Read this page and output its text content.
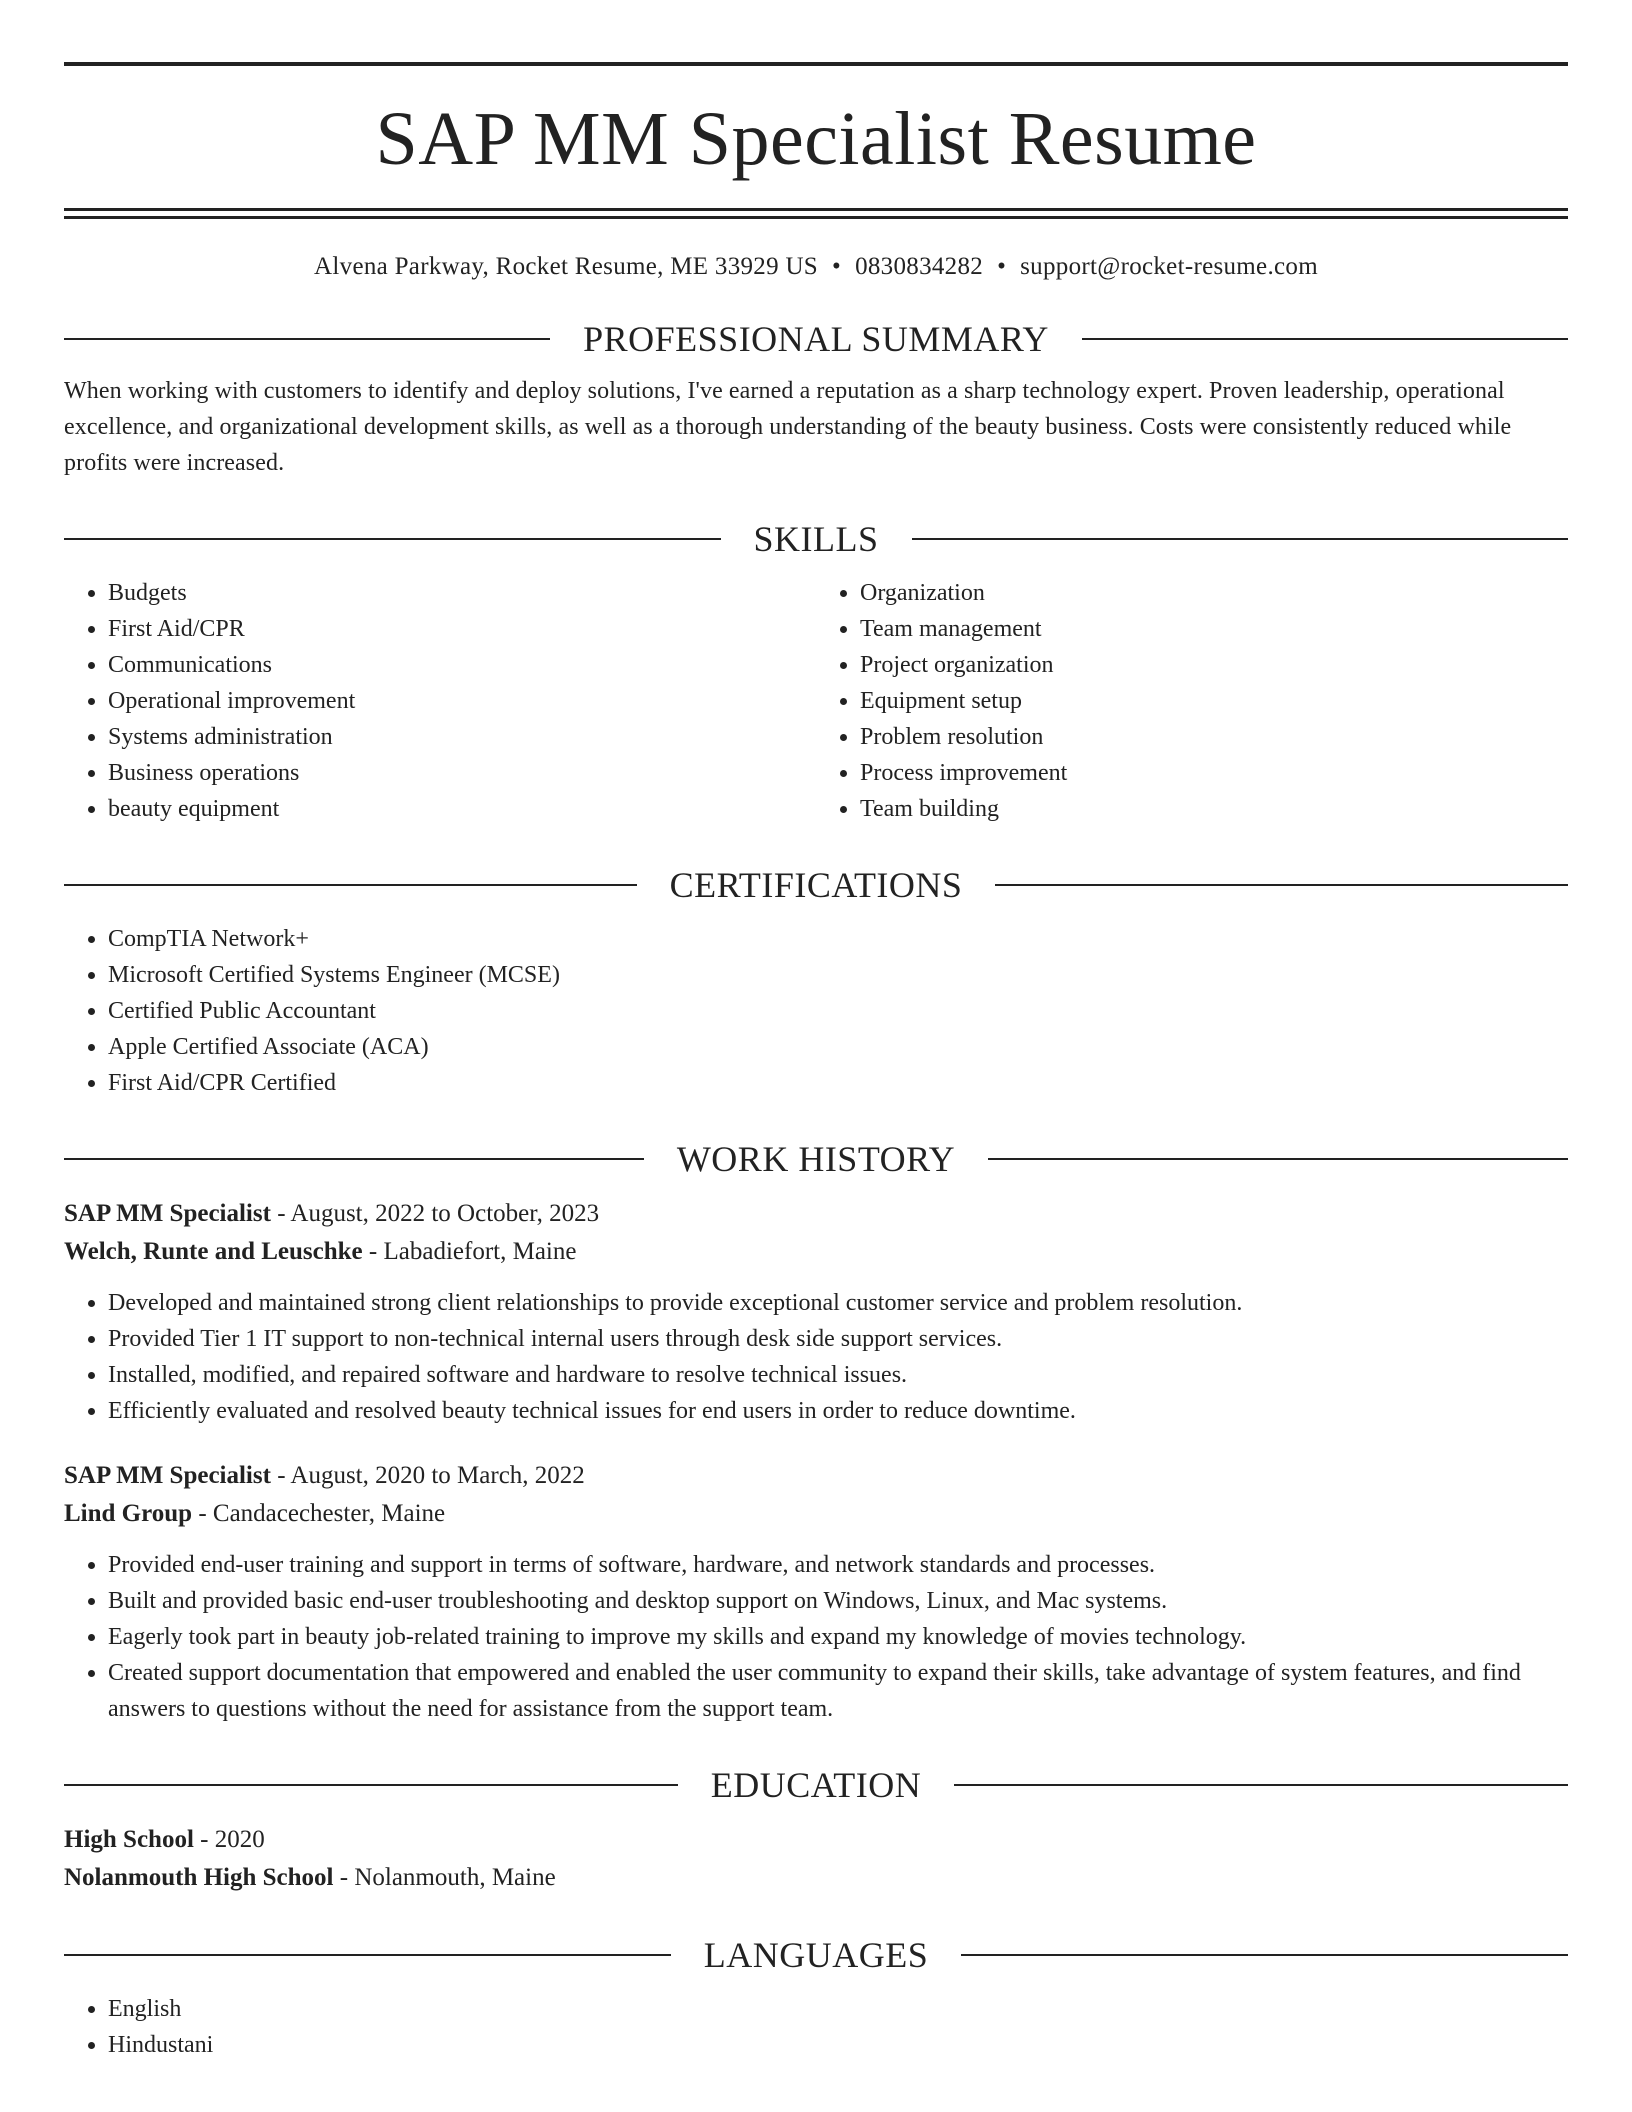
SAP MM Specialist Resume
Alvena Parkway, Rocket Resume, ME 33929 US • 0830834282 • support@rocket-resume.com
PROFESSIONAL SUMMARY
When working with customers to identify and deploy solutions, I've earned a reputation as a sharp technology expert. Proven leadership, operational excellence, and organizational development skills, as well as a thorough understanding of the beauty business. Costs were consistently reduced while profits were increased.
SKILLS
• Budgets
• First Aid/CPR
• Communications
• Operational improvement
• Systems administration
• Business operations
• beauty equipment
• Organization
• Team management
• Project organization
• Equipment setup
• Problem resolution
• Process improvement
• Team building
CERTIFICATIONS
• CompTIA Network+
• Microsoft Certified Systems Engineer (MCSE)
• Certified Public Accountant
• Apple Certified Associate (ACA)
• First Aid/CPR Certified
WORK HISTORY
SAP MM Specialist - August, 2022 to October, 2023
Welch, Runte and Leuschke - Labadiefort, Maine
• Developed and maintained strong client relationships to provide exceptional customer service and problem resolution.
• Provided Tier 1 IT support to non-technical internal users through desk side support services.
• Installed, modified, and repaired software and hardware to resolve technical issues.
• Efficiently evaluated and resolved beauty technical issues for end users in order to reduce downtime.
SAP MM Specialist - August, 2020 to March, 2022
Lind Group - Candacechester, Maine
• Provided end-user training and support in terms of software, hardware, and network standards and processes.
• Built and provided basic end-user troubleshooting and desktop support on Windows, Linux, and Mac systems.
• Eagerly took part in beauty job-related training to improve my skills and expand my knowledge of movies technology.
• Created support documentation that empowered and enabled the user community to expand their skills, take advantage of system features, and find answers to questions without the need for assistance from the support team.
EDUCATION
High School - 2020
Nolanmouth High School - Nolanmouth, Maine
LANGUAGES
• English
• Hindustani
